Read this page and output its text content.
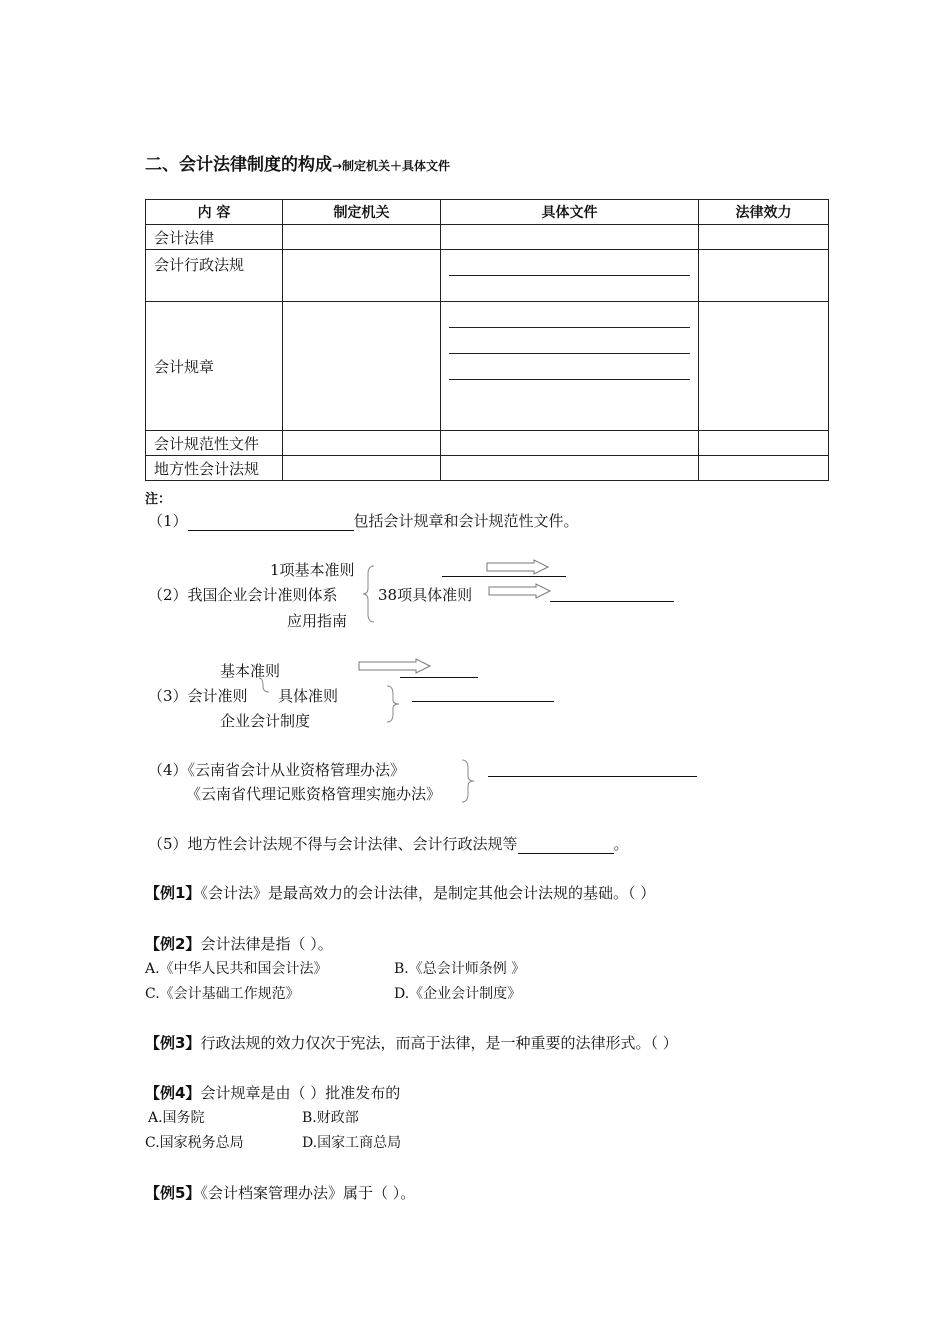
二、会计法律制度的构成→制定机关＋具体文件
内 容	制定机关	具体文件	法律效力
会计法律			
会计行政法规		

会计规章		

会计规范性文件			
地方性会计法规			
注：
（1）	包括会计规章和会计规范性文件。
1项基本准则
（2）我国企业会计准则体系	38项具体准则
应用指南
基本准则
（3）会计准则 具体准则
企业会计制度
（4）《云南省会计从业资格管理办法》
《云南省代理记账资格管理实施办法》
（5）地方性会计法规不得与会计法律、会计行政法规等	。
【例1】《会计法》是最高效力的会计法律，是制定其他会计法规的基础。（ ）
【例2】会计法律是指（ ）。
A.《中华人民共和国会计法》	B.《总会计师条例 》
C.《会计基础工作规范》	D.《企业会计制度》
【例3】行政法规的效力仅次于宪法，而高于法律，是一种重要的法律形式。（ ）
【例4】会计规章是由（ ）批准发布的
A.国务院	B.财政部
C.国家税务总局	D.国家工商总局
【例5】《会计档案管理办法》属于（ ）。
